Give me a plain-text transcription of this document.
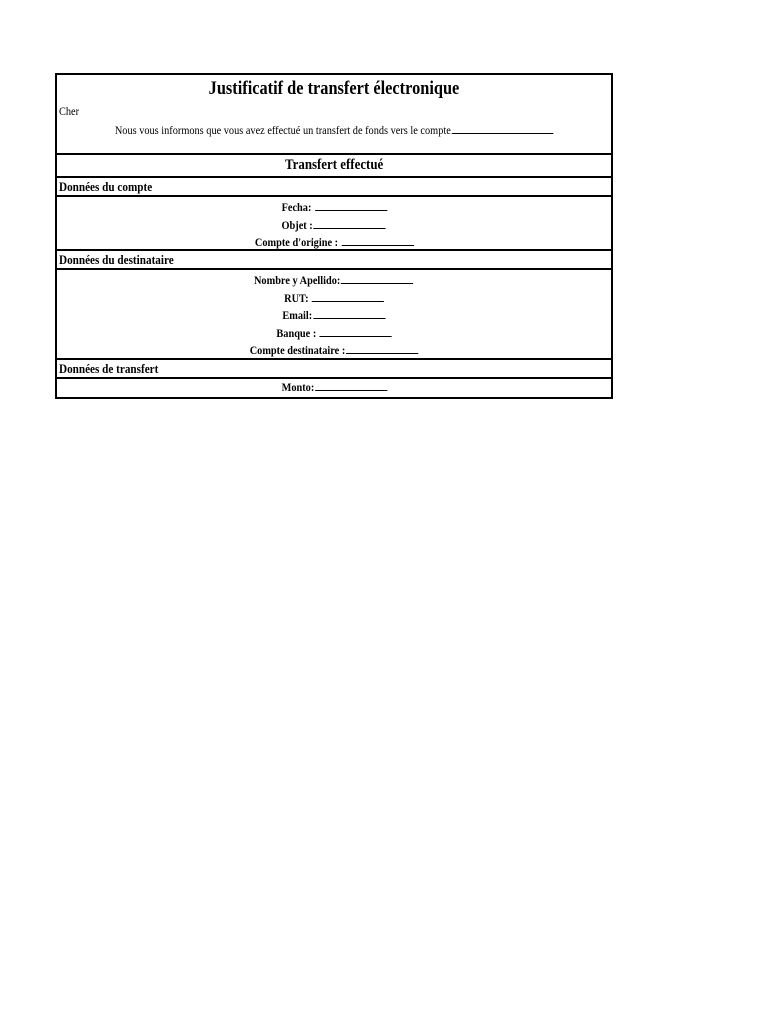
Justificatif de transfert électronique
Cher
Nous vous informons que vous avez effectué un transfert de fonds vers le compte
Transfert effectué
Données du compte
Fecha:
Objet :
Compte d'origine :
Données du destinataire
Nombre y Apellido:
RUT:
Email:
Banque :
Compte destinataire :
Données de transfert
Monto:
